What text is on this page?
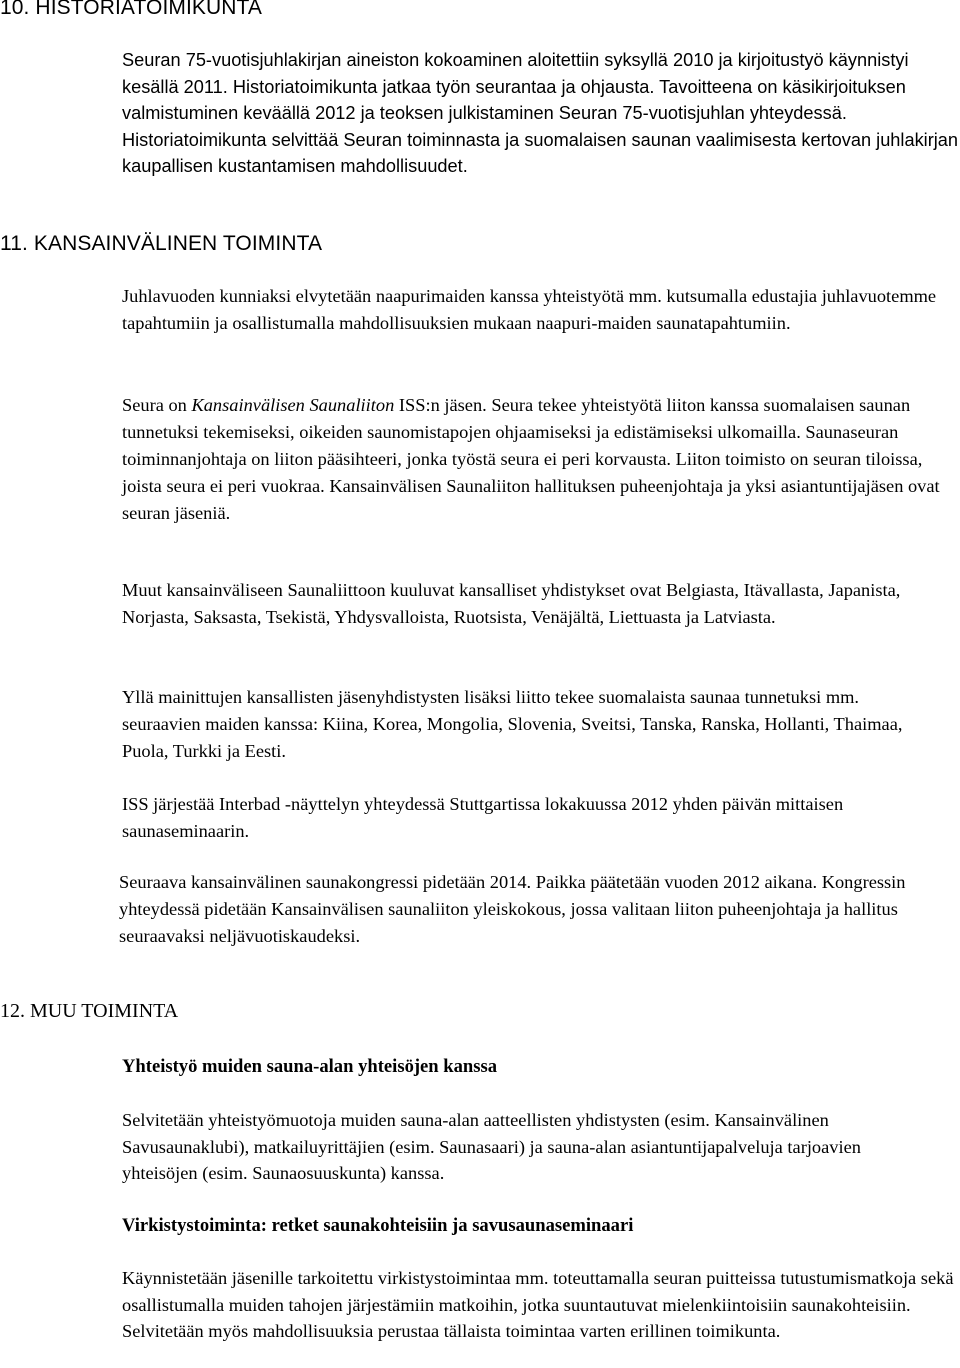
10. HISTORIATOIMIKUNTA

Seuran 75-vuotisjuhlakirjan aineiston kokoaminen aloitettiin syksyllä 2010 ja kirjoitustyö käynnistyi kesällä 2011. Historiatoimikunta jatkaa työn seurantaa ja ohjausta. Tavoitteena on käsikirjoituksen valmistuminen keväällä 2012 ja teoksen julkistaminen Seuran 75-vuotisjuhlan yhteydessä. Historiatoimikunta selvittää Seuran toiminnasta ja suomalaisen saunan vaalimisesta kertovan juhlakirjan kaupallisen kustantamisen mahdollisuudet.

11. KANSAINVÄLINEN TOIMINTA

Juhlavuoden kunniaksi elvytetään naapurimaiden kanssa yhteistyötä mm. kutsumalla edustajia juhlavuotemme tapahtumiin ja osallistumalla mahdollisuuksien mukaan naapuri-maiden saunatapahtumiin.

Seura on Kansainvälisen Saunaliiton ISS:n jäsen. Seura tekee yhteistyötä liiton kanssa suomalaisen saunan tunnetuksi tekemiseksi, oikeiden saunomistapojen ohjaamiseksi ja edistämiseksi ulkomailla. Saunaseuran toiminnanjohtaja on liiton pääsihteeri, jonka työstä seura ei peri korvausta. Liiton toimisto on seuran tiloissa, joista seura ei peri vuokraa. Kansainvälisen Saunaliiton hallituksen puheenjohtaja ja yksi asiantuntijajäsen ovat seuran jäseniä.

Muut kansainväliseen Saunaliittoon kuuluvat kansalliset yhdistykset ovat Belgiasta, Itävallasta, Japanista, Norjasta, Saksasta, Tsekistä, Yhdysvalloista, Ruotsista, Venäjältä, Liettuasta ja Latviasta.

Yllä mainittujen kansallisten jäsenyhdistysten lisäksi liitto tekee suomalaista saunaa tunnetuksi mm. seuraavien maiden kanssa: Kiina, Korea, Mongolia, Slovenia, Sveitsi, Tanska, Ranska, Hollanti, Thaimaa, Puola, Turkki ja Eesti.

ISS järjestää Interbad -näyttelyn yhteydessä Stuttgartissa lokakuussa 2012 yhden päivän mittaisen saunaseminaarin.

Seuraava kansainvälinen saunakongressi pidetään 2014. Paikka päätetään vuoden 2012 aikana. Kongressin yhteydessä pidetään Kansainvälisen saunaliiton yleiskokous, jossa valitaan liiton puheenjohtaja ja hallitus seuraavaksi neljävuotiskaudeksi.

12. MUU TOIMINTA
Yhteistyö muiden sauna-alan yhteisöjen kanssa

Selvitetään yhteistyömuotoja muiden sauna-alan aatteellisten yhdistysten (esim. Kansainvälinen Savusaunaklubi), matkailuyrittäjien (esim. Saunasaari) ja sauna-alan asiantuntijapalveluja tarjoavien yhteisöjen (esim. Saunaosuuskunta) kanssa.

Virkistystoiminta: retket saunakohteisiin ja savusaunaseminaari

Käynnistetään jäsenille tarkoitettu virkistystoimintaa mm. toteuttamalla seuran puitteissa tutustumismatkoja sekä osallistumalla muiden tahojen järjestämiin matkoihin, jotka suuntautuvat mielenkiintoisiin saunakohteisiin. Selvitetään myös mahdollisuuksia perustaa tällaista toimintaa varten erillinen toimikunta.
